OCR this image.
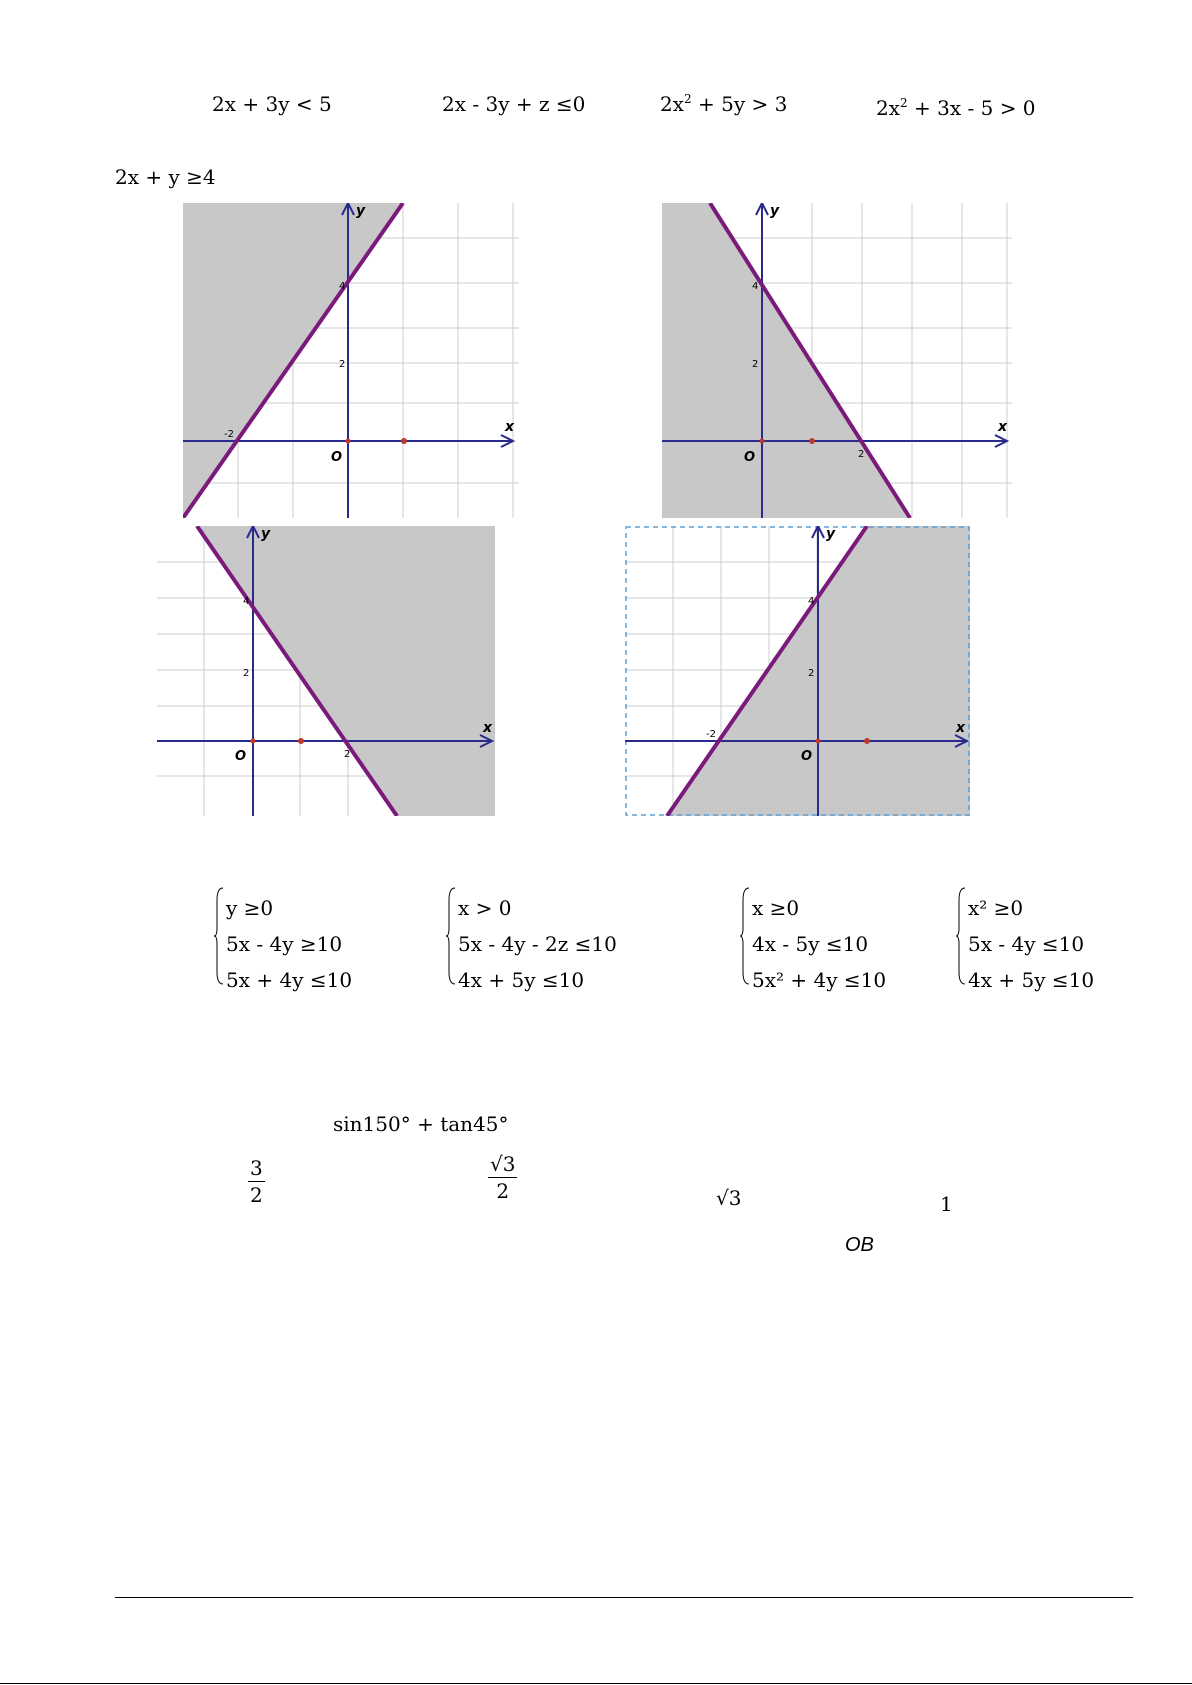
2x + 3y < 5	2x - 3y + z ≤0	$2x^2 + 5y > 3$	$2x^2 + 3x - 5 > 0$
2x + y ≥4
x
y
O
-2
4
2
x
y
O	2
4
2
x
y
O	2
4
2
x
y
O
-2
4
2
y ≥0
5x - 4y ≥10
5x + 4y ≤10
x > 0
5x - 4y - 2z ≤10
4x + 5y ≤10
x ≥0
4x - 5y ≤10
5x² + 4y ≤10
x² ≥0
5x - 4y ≤10
4x + 5y ≤10
sin150° + tan45°
$\frac{3}{2}$	$\frac{√3}{2}$	√3	1
OB
